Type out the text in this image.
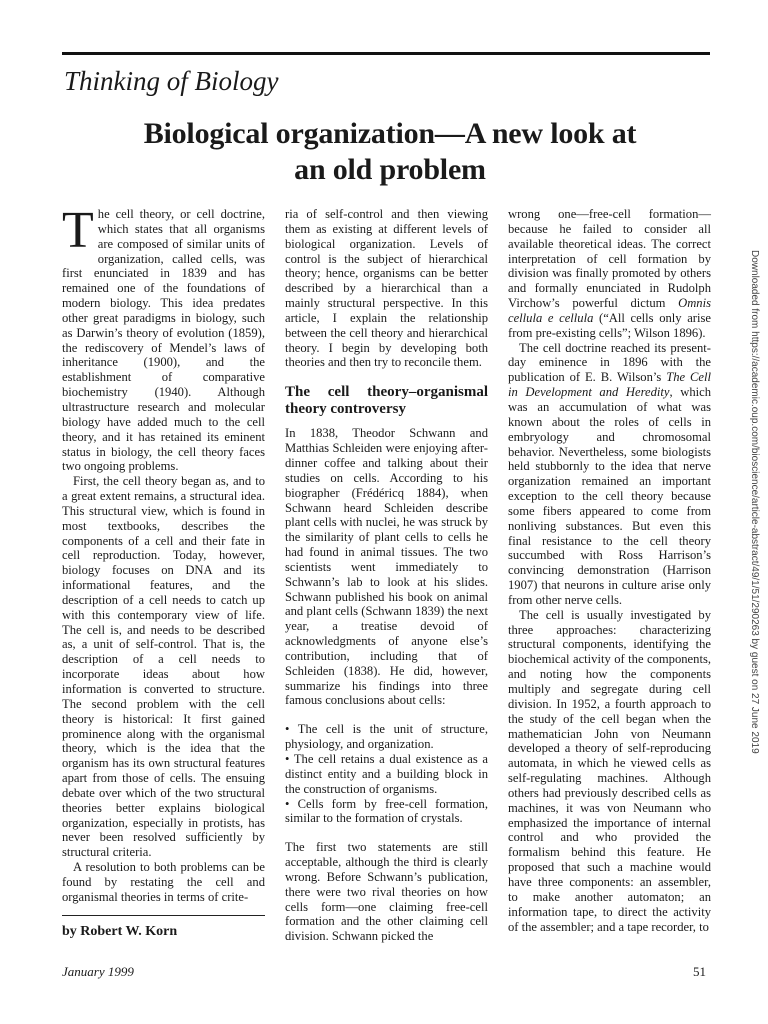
Thinking of Biology
Biological organization—A new look at
an old problem

The cell theory, or cell doctrine, which states that all organisms are composed of similar units of organization, called cells, was first enunciated in 1839 and has remained one of the foundations of modern biology. This idea predates other great paradigms in biology, such as Darwin’s theory of evolution (1859), the rediscovery of Mendel’s laws of inheritance (1900), and the establishment of comparative biochemistry (1940). Although ultrastructure research and molecular biology have added much to the cell theory, and it has retained its eminent status in biology, the cell theory faces two ongoing problems.

First, the cell theory began as, and to a great extent remains, a structural idea. This structural view, which is found in most textbooks, describes the components of a cell and their fate in cell reproduction. Today, however, biology focuses on DNA and its informational features, and the description of a cell needs to catch up with this contemporary view of life. The cell is, and needs to be described as, a unit of self-control. That is, the description of a cell needs to incorporate ideas about how information is converted to structure. The second problem with the cell theory is historical: It first gained prominence along with the organismal theory, which is the idea that the organism has its own structural features apart from those of cells. The ensuing debate over which of the two structural theories better explains biological organization, especially in protists, has never been resolved sufficiently by structural criteria.

A resolution to both problems can be found by restating the cell and organismal theories in terms of crite-

ria of self-control and then viewing them as existing at different levels of biological organization. Levels of control is the subject of hierarchical theory; hence, organisms can be better described by a hierarchical than a mainly structural perspective. In this article, I explain the relationship between the cell theory and hierarchical theory. I begin by developing both theories and then try to reconcile them.

The cell theory–organismal theory controversy

In 1838, Theodor Schwann and Matthias Schleiden were enjoying after-dinner coffee and talking about their studies on cells. According to his biographer (Frédéricq 1884), when Schwann heard Schleiden describe plant cells with nuclei, he was struck by the similarity of plant cells to cells he had found in animal tissues. The two scientists went immediately to Schwann’s lab to look at his slides. Schwann published his book on animal and plant cells (Schwann 1839) the next year, a treatise devoid of acknowledgments of anyone else’s contribution, including that of Schleiden (1838). He did, however, summarize his findings into three famous conclusions about cells:

• The cell is the unit of structure, physiology, and organization.

• The cell retains a dual existence as a distinct entity and a building block in the construction of organisms.

• Cells form by free-cell formation, similar to the formation of crystals.

The first two statements are still acceptable, although the third is clearly wrong. Before Schwann’s publication, there were two rival theories on how cells form—one claiming free-cell formation and the other claiming cell division. Schwann picked the

wrong one—free-cell formation—because he failed to consider all available theoretical ideas. The correct interpretation of cell formation by division was finally promoted by others and formally enunciated in Rudolph Virchow’s powerful dictum Omnis cellula e cellula (“All cells only arise from pre-existing cells”; Wilson 1896).

The cell doctrine reached its present-day eminence in 1896 with the publication of E. B. Wilson’s The Cell in Development and Heredity, which was an accumulation of what was known about the roles of cells in embryology and chromosomal behavior. Nevertheless, some biologists held stubbornly to the idea that nerve organization remained an important exception to the cell theory because some fibers appeared to come from nonliving substances. But even this final resistance to the cell theory succumbed with Ross Harrison’s convincing demonstration (Harrison 1907) that neurons in culture arise only from other nerve cells.

The cell is usually investigated by three approaches: characterizing structural components, identifying the biochemical activity of the components, and noting how the components multiply and segregate during cell division. In 1952, a fourth approach to the study of the cell began when the mathematician John von Neumann developed a theory of self-reproducing automata, in which he viewed cells as self-regulating machines. Although others had previously described cells as machines, it was von Neumann who emphasized the importance of internal control and who provided the formalism behind this feature. He proposed that such a machine would have three components: an assembler, to make another automaton; an information tape, to direct the activity of the assembler; and a tape recorder, to

by Robert W. Korn

January 1999	51
Downloaded from https://academic.oup.com/bioscience/article-abstract/49/1/51/290263 by guest on 27 June 2019
